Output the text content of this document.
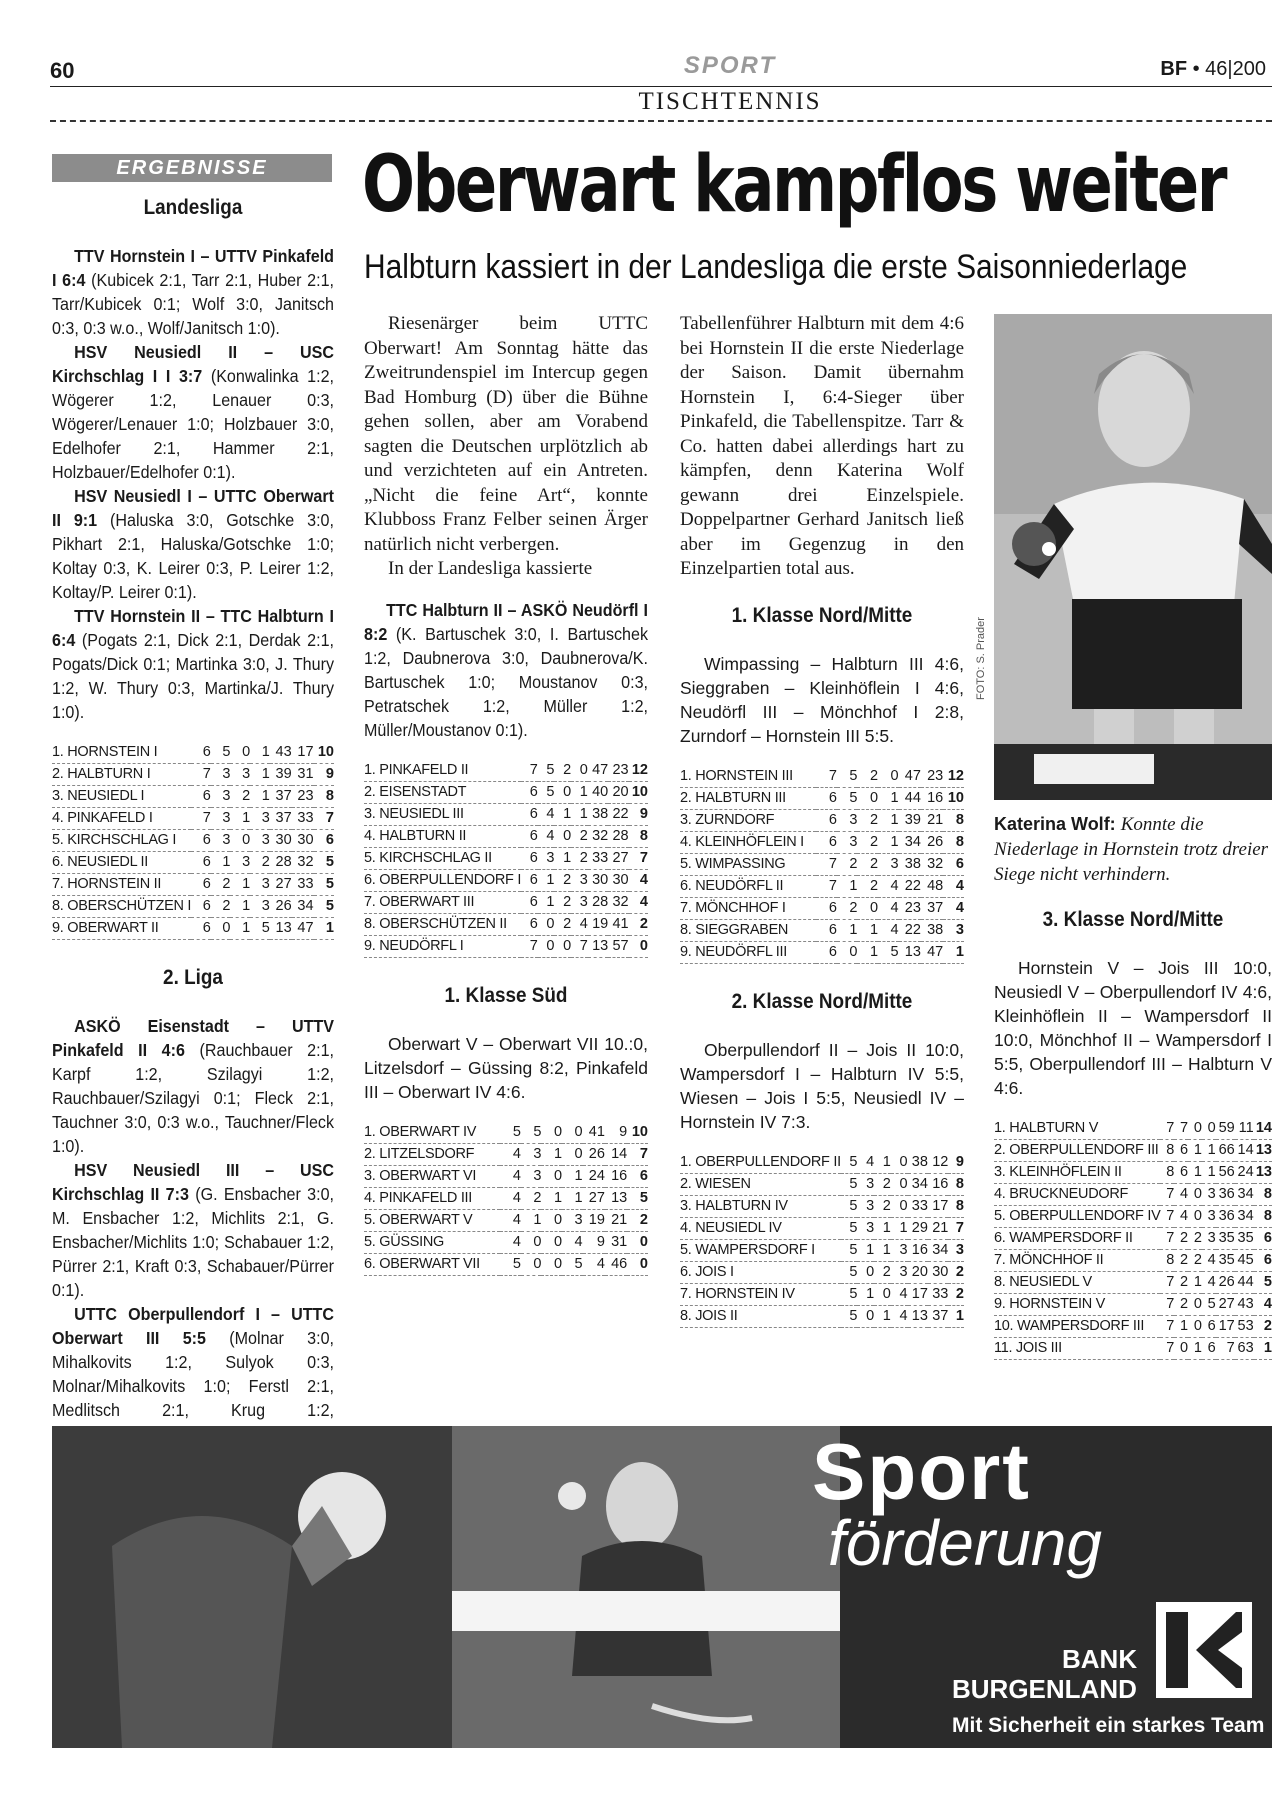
60	SPORT	BF • 46|200
TISCHTENNIS
ERGEBNISSE	Oberwart kampflos weiter
Halbturn kassiert in der Landesliga die erste Saisonniederlage
Landesliga

TTV Hornstein I – UTTV Pinkafeld I 6:4 (Kubicek 2:1, Tarr 2:1, Huber 2:1, Tarr/Kubicek 0:1; Wolf 3:0, Janitsch 0:3, 0:3 w.o., Wolf/Janitsch 1:0).

HSV Neusiedl II – USC Kirchschlag I I 3:7 (Konwalinka 1:2, Wögerer 1:2, Lenauer 0:3, Wögerer/Lenauer 1:0; Holzbauer 3:0, Edelhofer 2:1, Hammer 2:1, Holzbauer/Edelhofer 0:1).

HSV Neusiedl I – UTTC Oberwart II 9:1 (Haluska 3:0, Gotschke 3:0, Pikhart 2:1, Haluska/Gotschke 1:0; Koltay 0:3, K. Leirer 0:3, P. Leirer 1:2, Koltay/P. Leirer 0:1).

TTV Hornstein II – TTC Halbturn I 6:4 (Pogats 2:1, Dick 2:1, Derdak 2:1, Pogats/Dick 0:1; Martinka 3:0, J. Thury 1:2, W. Thury 0:3, Martinka/J. Thury 1:0).

1. HORNSTEIN I	6	5	0	1	43	17	10
2. HALBTURN I	7	3	3	1	39	31	9
3. NEUSIEDL I	6	3	2	1	37	23	8
4. PINKAFELD I	7	3	1	3	37	33	7
5. KIRCHSCHLAG I	6	3	0	3	30	30	6
6. NEUSIEDL II	6	1	3	2	28	32	5
7. HORNSTEIN II	6	2	1	3	27	33	5
8. OBERSCHÜTZEN I	6	2	1	3	26	34	5
9. OBERWART II	6	0	1	5	13	47	1
2. Liga

ASKÖ Eisenstadt – UTTV Pinkafeld II 4:6 (Rauchbauer 2:1, Karpf 1:2, Szilagyi 1:2, Rauchbauer/Szilagyi 0:1; Fleck 2:1, Tauchner 3:0, 0:3 w.o., Tauchner/Fleck 1:0).

HSV Neusiedl III – USC Kirchschlag II 7:3 (G. Ensbacher 3:0, M. Ensbacher 1:2, Michlits 2:1, G. Ensbacher/Michlits 1:0; Schabauer 1:2, Pürrer 2:1, Kraft 0:3, Schabauer/Pürrer 0:1).

UTTC Oberpullendorf I – UTTC Oberwart III 5:5 (Molnar 3:0, Mihalkovits 1:2, Sulyok 0:3, Molnar/Mihalkovits 1:0; Ferstl 2:1, Medlitsch 2:1, Krug 1:2,

Riesenärger beim UTTC Oberwart! Am Sonntag hätte das Zweitrundenspiel im Intercup gegen Bad Homburg (D) über die Bühne gehen sollen, aber am Vorabend sagten die Deutschen urplötzlich ab und verzichteten auf ein Antreten. „Nicht die feine Art“, konnte Klubboss Franz Felber seinen Ärger natürlich nicht verbergen.

In der Landesliga kassierte

TTC Halbturn II – ASKÖ Neudörfl I 8:2 (K. Bartuschek 3:0, I. Bartuschek 1:2, Daubnerova 3:0, Daubnerova/K. Bartuschek 1:0; Moustanov 0:3, Petratschek 1:2, Müller 1:2, Müller/Moustanov 0:1).

1. PINKAFELD II	7	5	2	0	47	23	12
2. EISENSTADT	6	5	0	1	40	20	10
3. NEUSIEDL III	6	4	1	1	38	22	9
4. HALBTURN II	6	4	0	2	32	28	8
5. KIRCHSCHLAG II	6	3	1	2	33	27	7
6. OBERPULLENDORF I	6	1	2	3	30	30	4
7. OBERWART III	6	1	2	3	28	32	4
8. OBERSCHÜTZEN II	6	0	2	4	19	41	2
9. NEUDÖRFL I	7	0	0	7	13	57	0
1. Klasse Süd
Oberwart V – Oberwart VII 10.:0, Litzelsdorf – Güssing 8:2, Pinkafeld III – Oberwart IV 4:6.
1. OBERWART IV	5	5	0	0	41	9	10
2. LITZELSDORF	4	3	1	0	26	14	7
3. OBERWART VI	4	3	0	1	24	16	6
4. PINKAFELD III	4	2	1	1	27	13	5
5. OBERWART V	4	1	0	3	19	21	2
5. GÜSSING	4	0	0	4	9	31	0
6. OBERWART VII	5	0	0	5	4	46	0

Tabellenführer Halbturn mit dem 4:6 bei Hornstein II die erste Niederlage der Saison. Damit übernahm Hornstein I, 6:4-Sieger über Pinkafeld, die Tabellenspitze. Tarr & Co. hatten dabei allerdings hart zu kämpfen, denn Katerina Wolf gewann drei Einzelspiele. Doppelpartner Gerhard Janitsch ließ aber im Gegenzug in den Einzelpartien total aus.

1. Klasse Nord/Mitte
Wimpassing – Halbturn III 4:6, Sieggraben – Kleinhöflein I 4:6, Neudörfl III – Mönchhof I 2:8, Zurndorf – Hornstein III 5:5.
1. HORNSTEIN III	7	5	2	0	47	23	12
2. HALBTURN III	6	5	0	1	44	16	10
3. ZURNDORF	6	3	2	1	39	21	8
4. KLEINHÖFLEIN I	6	3	2	1	34	26	8
5. WIMPASSING	7	2	2	3	38	32	6
6. NEUDÖRFL II	7	1	2	4	22	48	4
7. MÖNCHHOF I	6	2	0	4	23	37	4
8. SIEGGRABEN	6	1	1	4	22	38	3
9. NEUDÖRFL III	6	0	1	5	13	47	1
2. Klasse Nord/Mitte
Oberpullendorf II – Jois II 10:0, Wampersdorf I – Halbturn IV 5:5, Wiesen – Jois I 5:5, Neusiedl IV – Hornstein IV 7:3.
1. OBERPULLENDORF II	5	4	1	0	38	12	9
2. WIESEN	5	3	2	0	34	16	8
3. HALBTURN IV	5	3	2	0	33	17	8
4. NEUSIEDL IV	5	3	1	1	29	21	7
5. WAMPERSDORF I	5	1	1	3	16	34	3
6. JOIS I	5	0	2	3	20	30	2
7. HORNSTEIN IV	5	1	0	4	17	33	2
8. JOIS II	5	0	1	4	13	37	1
FOTO: S. Prader
Katerina Wolf: Konnte die Niederlage in Hornstein trotz dreier Siege nicht verhindern.
3. Klasse Nord/Mitte
Hornstein V – Jois III 10:0, Neusiedl V – Oberpullendorf IV 4:6, Kleinhöflein II – Wampersdorf II 10:0, Mönchhof II – Wampersdorf I 5:5, Oberpullendorf III – Halbturn V 4:6.
1. HALBTURN V	7	7	0	0	59	11	14
2. OBERPULLENDORF III	8	6	1	1	66	14	13
3. KLEINHÖFLEIN II	8	6	1	1	56	24	13
4. BRUCKNEUDORF	7	4	0	3	36	34	8
5. OBERPULLENDORF IV	7	4	0	3	36	34	8
6. WAMPERSDORF II	7	2	2	3	35	35	6
7. MÖNCHHOF II	8	2	2	4	35	45	6
8. NEUSIEDL V	7	2	1	4	26	44	5
9. HORNSTEIN V	7	2	0	5	27	43	4
10. WAMPERSDORF III	7	1	0	6	17	53	2
11. JOIS III	7	0	1	6	7	63	1
Sport
förderung
BANK
BURGENLAND
Mit Sicherheit ein starkes Team
